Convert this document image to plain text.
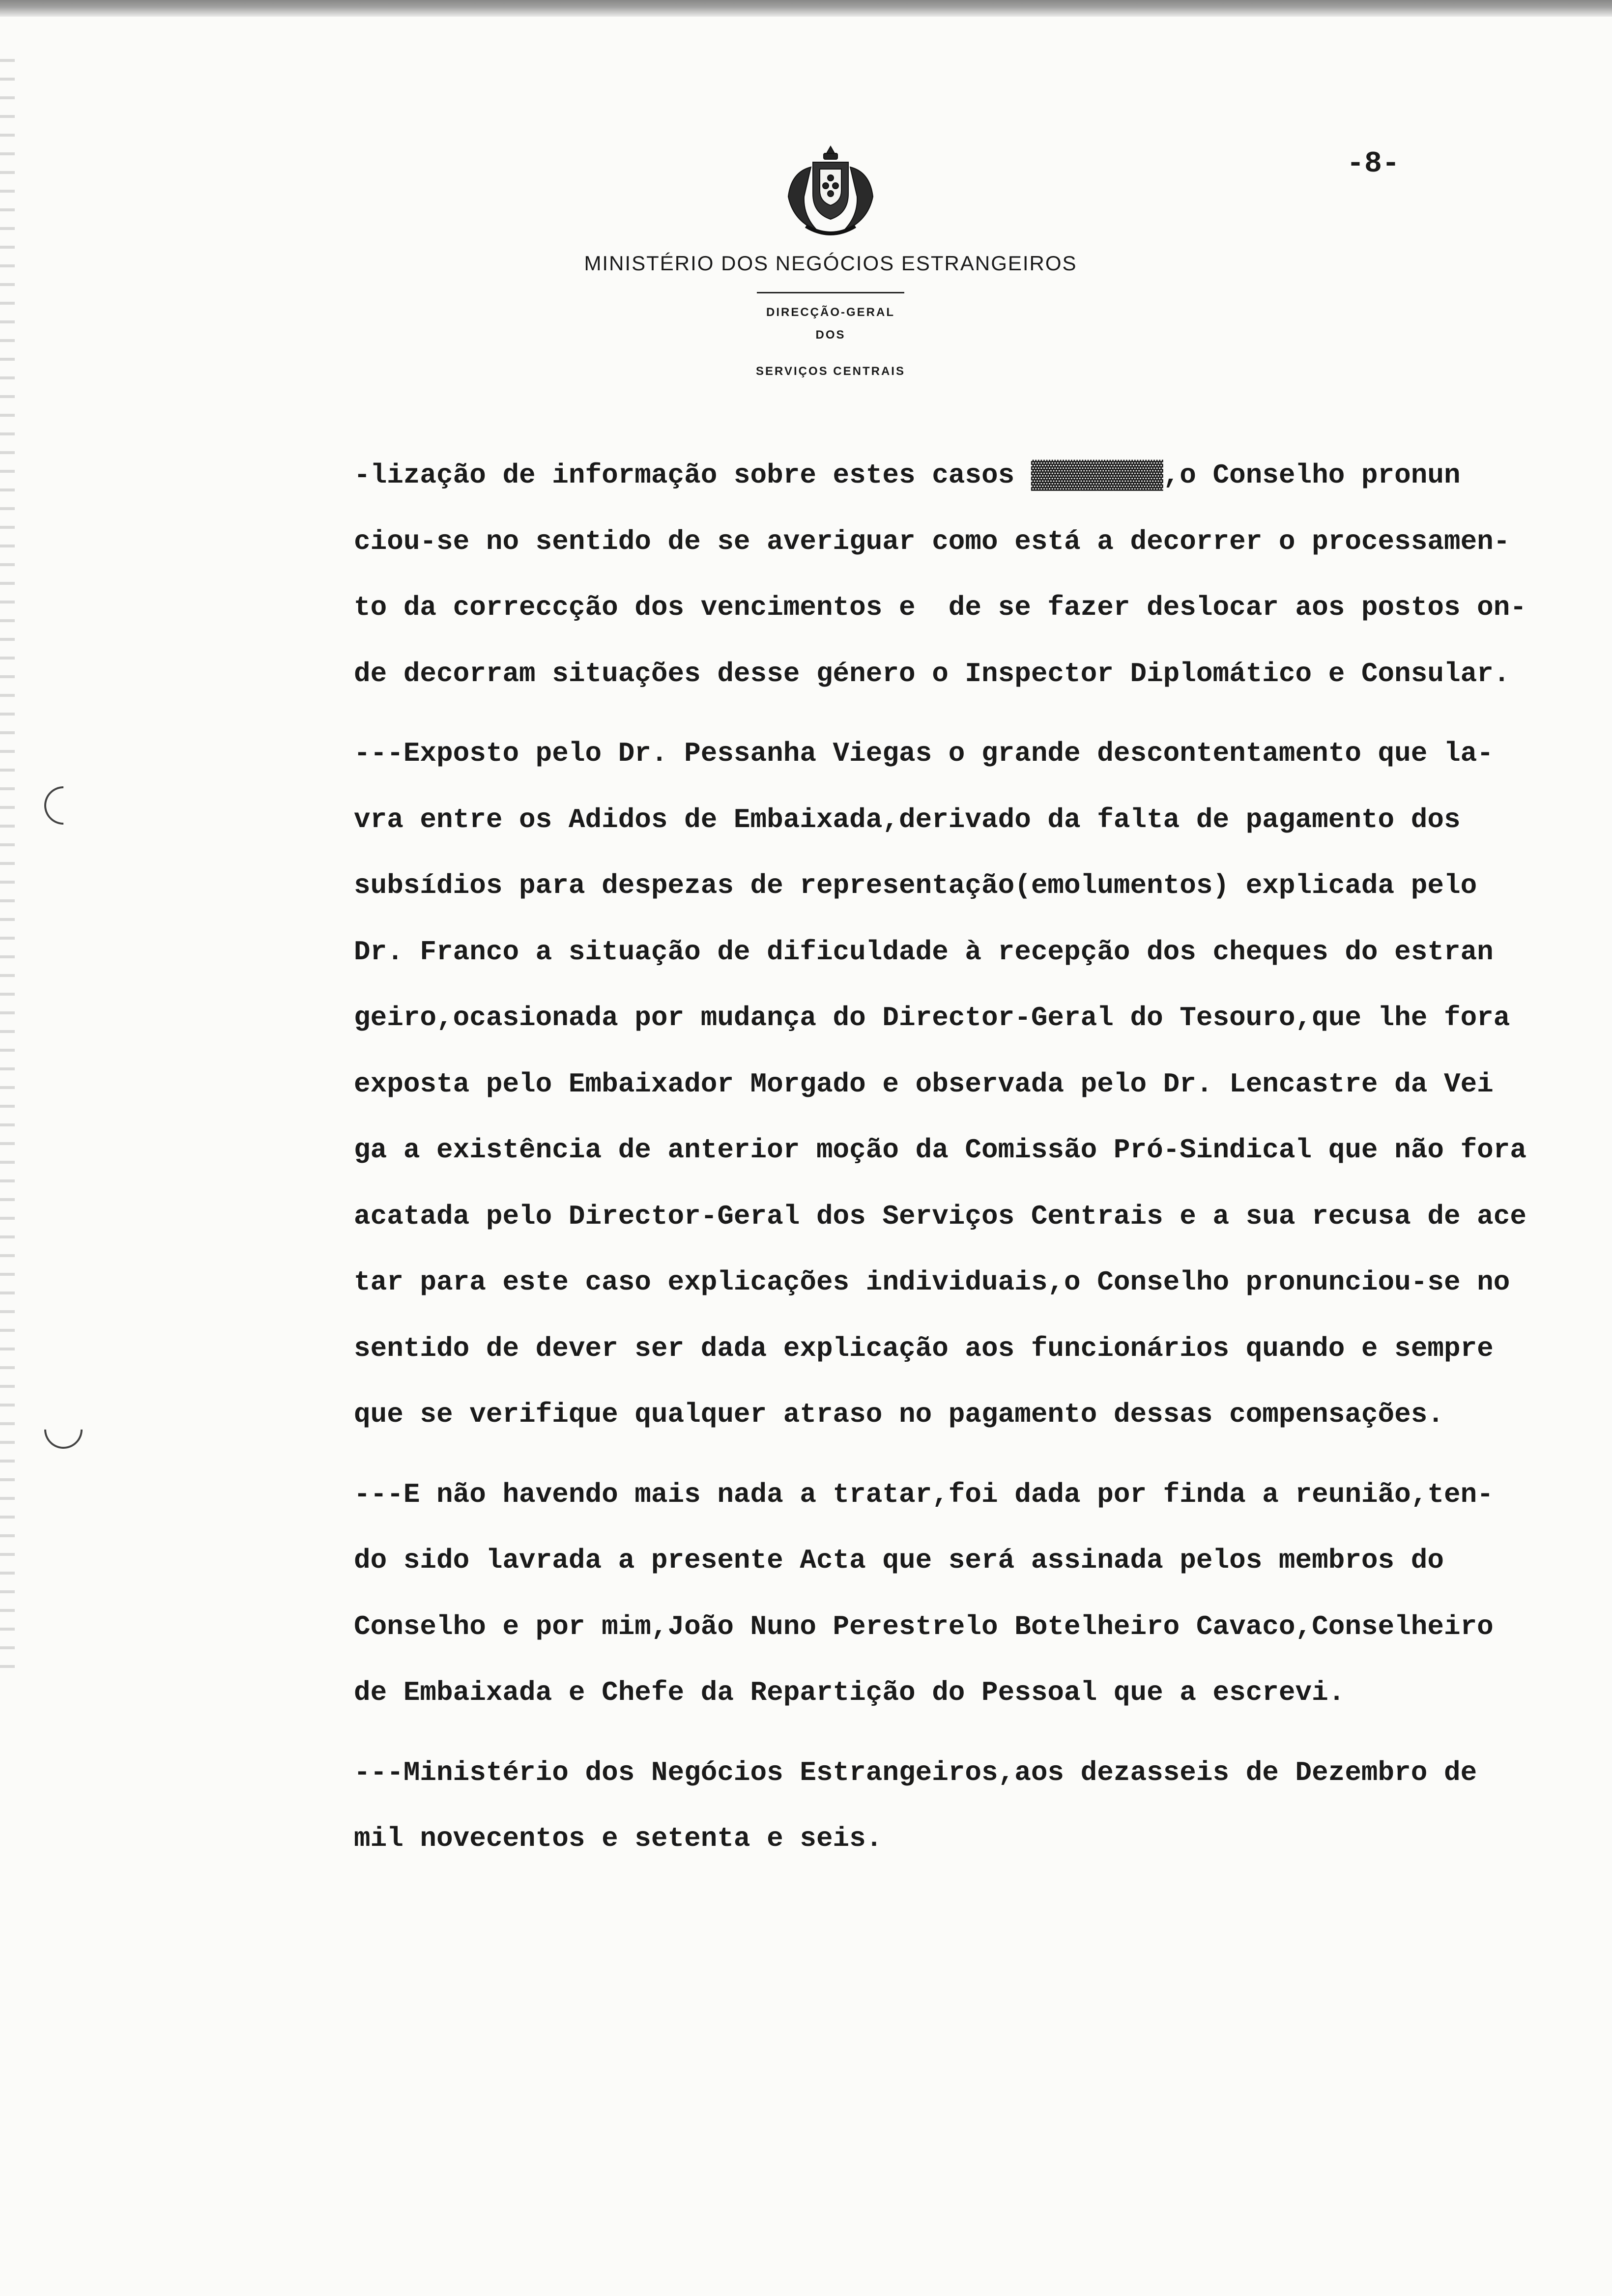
MINISTÉRIO DOS NEGÓCIOS ESTRANGEIROS
DIRECÇÃO-GERAL
DOS
SERVIÇOS CENTRAIS
-8-
-lização de informação sobre estes casos ▓▓▓▓▓▓▓▓,o Conselho pronun
ciou-se no sentido de se averiguar como está a decorrer o processamen-
to da correccção dos vencimentos e  de se fazer deslocar aos postos on-
de decorram situações desse género o Inspector Diplomático e Consular.
---Exposto pelo Dr. Pessanha Viegas o grande descontentamento que la-
vra entre os Adidos de Embaixada,derivado da falta de pagamento dos
subsídios para despezas de representação(emolumentos) explicada pelo
Dr. Franco a situação de dificuldade à recepção dos cheques do estran
geiro,ocasionada por mudança do Director-Geral do Tesouro,que lhe fora
exposta pelo Embaixador Morgado e observada pelo Dr. Lencastre da Vei
ga a existência de anterior moção da Comissão Pró-Sindical que não fora
acatada pelo Director-Geral dos Serviços Centrais e a sua recusa de ace
tar para este caso explicações individuais,o Conselho pronunciou-se no
sentido de dever ser dada explicação aos funcionários quando e sempre
que se verifique qualquer atraso no pagamento dessas compensações.
---E não havendo mais nada a tratar,foi dada por finda a reunião,ten-
do sido lavrada a presente Acta que será assinada pelos membros do
Conselho e por mim,João Nuno Perestrelo Botelheiro Cavaco,Conselheiro
de Embaixada e Chefe da Repartição do Pessoal que a escrevi.
---Ministério dos Negócios Estrangeiros,aos dezasseis de Dezembro de
mil novecentos e setenta e seis.
